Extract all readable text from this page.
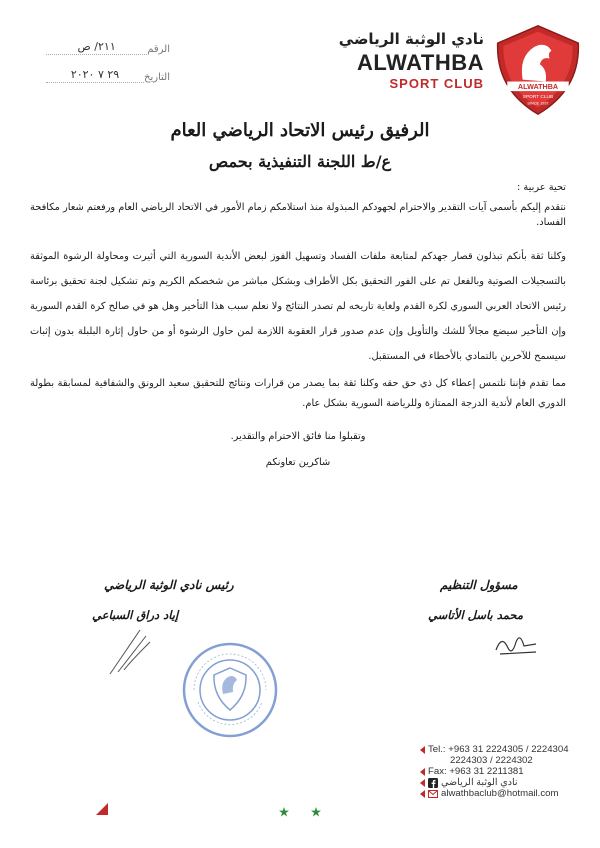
ALWATHBA
SPORT CLUB
SINCE 1937
نادي الوثبة الرياضي
ALWATHBA
SPORT CLUB
الرقم
٢١١/ ص
التاريخ
٢٩ ٧ ٢٠٢٠
الرفيق رئيس الاتحاد الرياضي العام
ع/ط اللجنة التنفيذية بحمص

تحية عربية :

نتقدم إليكم بأسمى آيات التقدير والاحترام لجهودكم المبذولة منذ استلامكم زمام الأمور في الاتحاد الرياضي العام ورفعتم شعار مكافحة الفساد.

وكلنا ثقة بأنكم تبذلون قصار جهدكم لمتابعة ملفات الفساد وتسهيل الفوز لبعض الأندية السورية التي أثيرت ومحاولة الرشوة الموثقة بالتسجيلات الصوتية وبالفعل تم على الفور التحقيق بكل الأطراف وبشكل مباشر من شخصكم الكريم وتم تشكيل لجنة تحقيق برئاسة رئيس الاتحاد العربي السوري لكرة القدم ولغاية تاريخه لم تصدر النتائج ولا نعلم سبب هذا التأخير وهل هو في صالح كرة القدم السورية وإن التأخير سيضع مجالاً للشك والتأويل وإن عدم صدور قرار العقوبة اللازمة لمن حاول الرشوة أو من حاول إثارة البلبلة بدون إثبات سيسمح للآخرين بالتمادي بالأخطاء في المستقبل.

مما تقدم فإننا نلتمس إعطاء كل ذي حق حقه وكلنا ثقة بما يصدر من قرارات ونتائج للتحقيق سعيد الرونق والشفافية لمسابقة بطولة الدوري العام لأندية الدرجة الممتازة وللرياضة السورية بشكل عام.

وتقبلوا منا فائق الاحترام والتقدير.

شاكرين تعاونكم

مسؤول التنظيم
محمد باسل الأتاسي
رئيس نادي الوثبة الرياضي
إياد دراق السباعي
Tel.: +963 31 2224305 / 2224304
2224303 / 2224302
Fax: +963 31 2211381
نادي الوثبة الرياضي
alwathbaclub@hotmail.com
